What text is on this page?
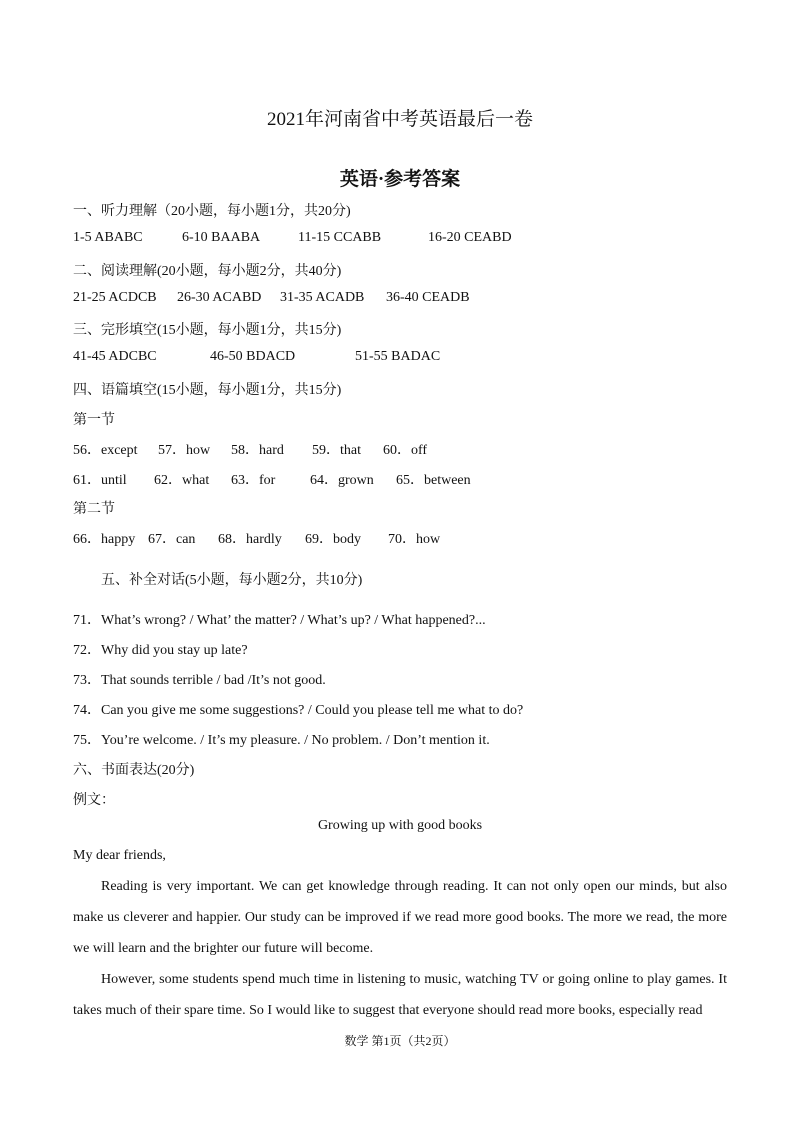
2021年河南省中考英语最后一卷
英语·参考答案
一、听力理解（20小题，每小题1分，共20分)
1-5 ABABC	6-10 BAABA	11-15 CCABB	16-20 CEABD
二、阅读理解(20小题，每小题2分，共40分)
21-25 ACDCB 26-30 ACABD 31-35 ACADB 36-40 CEADB
三、完形填空(15小题，每小题1分，共15分)
41-45 ADCBC	46-50 BDACD	51-55 BADAC
四、语篇填空(15小题，每小题1分，共15分)
第一节
56．except 57．how 58．hard 59．that 60．off
61．until 62．what 63．for 64．grown 65．between
第二节
66．happy 67．can 68．hardly 69．body 70．how
五、补全对话(5小题，每小题2分，共10分)
71．What’s wrong? / What’ the matter? / What’s up? / What happened?...
72．Why did you stay up late?
73．That sounds terrible / bad /It’s not good.
74．Can you give me some suggestions? / Could you please tell me what to do?
75．You’re welcome. / It’s my pleasure. / No problem. / Don’t mention it.
六、书面表达(20分)
例文：
Growing up with good books
My dear friends,
Reading is very important. We can get knowledge through reading. It can not only open our minds, but also make us cleverer and happier. Our study can be improved if we read more good books. The more we read, the more we will learn and the brighter our future will become.
However, some students spend much time in listening to music, watching TV or going online to play games. It takes much of their spare time. So I would like to suggest that everyone should read more books, especially read
数学 第1页（共2页）
